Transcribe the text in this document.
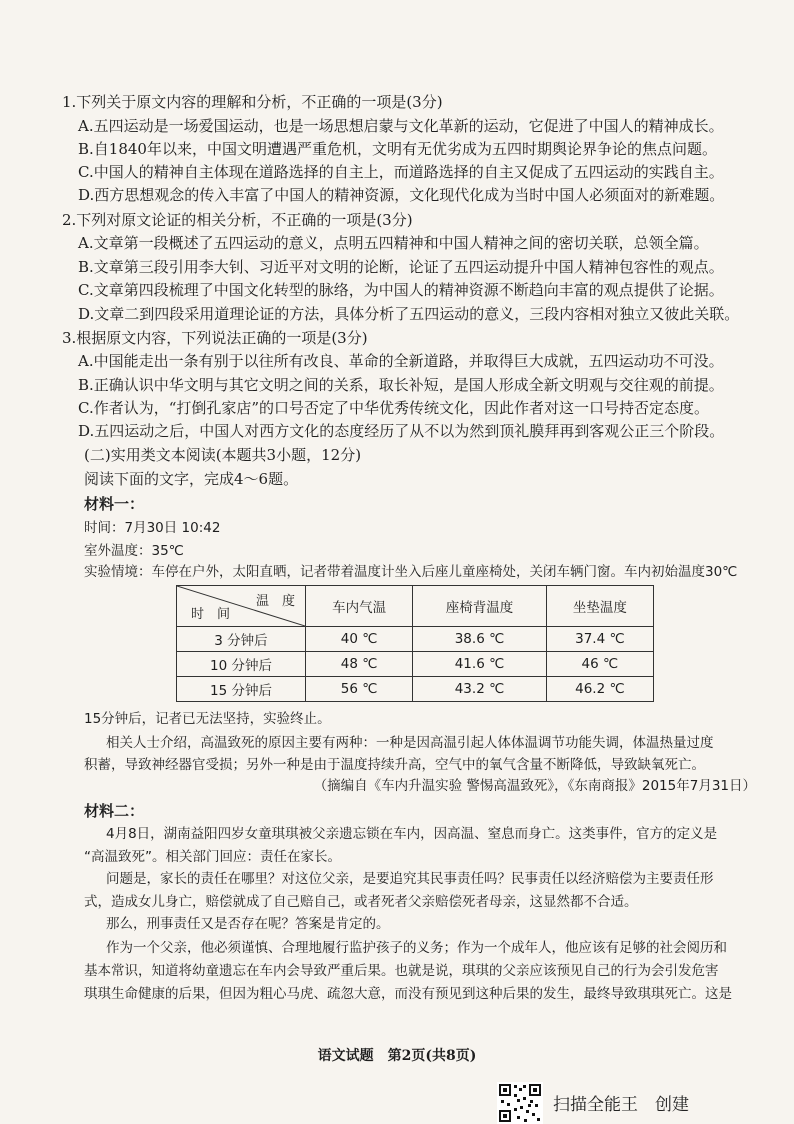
1.下列关于原文内容的理解和分析，不正确的一项是(3分)
A.五四运动是一场爱国运动，也是一场思想启蒙与文化革新的运动，它促进了中国人的精神成长。
B.自1840年以来，中国文明遭遇严重危机，文明有无优劣成为五四时期舆论界争论的焦点问题。
C.中国人的精神自主体现在道路选择的自主上，而道路选择的自主又促成了五四运动的实践自主。
D.西方思想观念的传入丰富了中国人的精神资源，文化现代化成为当时中国人必须面对的新难题。
2.下列对原文论证的相关分析，不正确的一项是(3分)
A.文章第一段概述了五四运动的意义，点明五四精神和中国人精神之间的密切关联，总领全篇。
B.文章第三段引用李大钊、习近平对文明的论断，论证了五四运动提升中国人精神包容性的观点。
C.文章第四段梳理了中国文化转型的脉络，为中国人的精神资源不断趋向丰富的观点提供了论据。
D.文章二到四段采用道理论证的方法，具体分析了五四运动的意义，三段内容相对独立又彼此关联。
3.根据原文内容，下列说法正确的一项是(3分)
A.中国能走出一条有别于以往所有改良、革命的全新道路，并取得巨大成就，五四运动功不可没。
B.正确认识中华文明与其它文明之间的关系，取长补短，是国人形成全新文明观与交往观的前提。
C.作者认为，“打倒孔家店”的口号否定了中华优秀传统文化，因此作者对这一口号持否定态度。
D.五四运动之后，中国人对西方文化的态度经历了从不以为然到顶礼膜拜再到客观公正三个阶段。
(二)实用类文本阅读(本题共3小题，12分)
阅读下面的文字，完成4～6题。
材料一：
时间：7月30日 10:42
室外温度：35℃
实验情境：车停在户外，太阳直晒，记者带着温度计坐入后座儿童座椅处，关闭车辆门窗。车内初始温度30℃
温　度
时　间	车内气温	座椅背温度	坐垫温度
3 分钟后	40 ℃	38.6 ℃	37.4 ℃
10 分钟后	48 ℃	41.6 ℃	46 ℃
15 分钟后	56 ℃	43.2 ℃	46.2 ℃
15分钟后，记者已无法坚持，实验终止。
相关人士介绍，高温致死的原因主要有两种：一种是因高温引起人体体温调节功能失调，体温热量过度
积蓄，导致神经器官受损；另外一种是由于温度持续升高，空气中的氧气含量不断降低，导致缺氧死亡。
（摘编自《车内升温实验 警惕高温致死》，《东南商报》2015年7月31日）
材料二：
4月8日，湖南益阳四岁女童琪琪被父亲遗忘锁在车内，因高温、窒息而身亡。这类事件，官方的定义是
“高温致死”。相关部门回应：责任在家长。
问题是，家长的责任在哪里？对这位父亲，是要追究其民事责任吗？民事责任以经济赔偿为主要责任形
式，造成女儿身亡，赔偿就成了自己赔自己，或者死者父亲赔偿死者母亲，这显然都不合适。
那么，刑事责任又是否存在呢？答案是肯定的。
作为一个父亲，他必须谨慎、合理地履行监护孩子的义务；作为一个成年人，他应该有足够的社会阅历和
基本常识，知道将幼童遗忘在车内会导致严重后果。也就是说，琪琪的父亲应该预见自己的行为会引发危害
琪琪生命健康的后果，但因为粗心马虎、疏忽大意，而没有预见到这种后果的发生，最终导致琪琪死亡。这是
语文试题　第2页(共8页)
扫描全能王　创建
